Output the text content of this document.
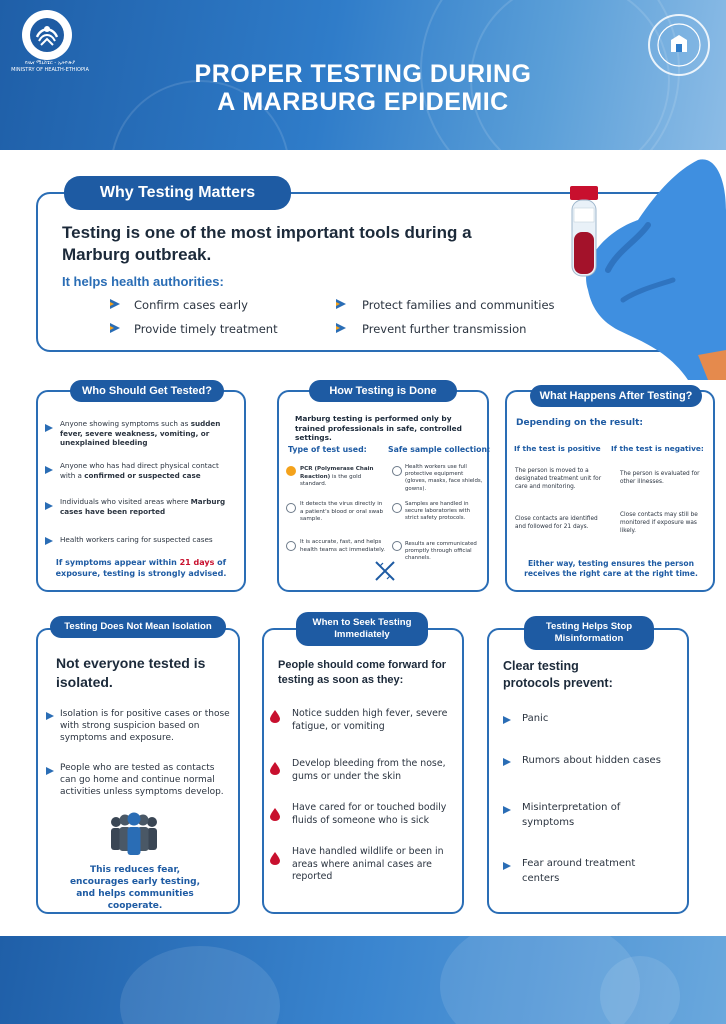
የጤና ሚኒስቴር - ኢትዮጵያ
MINISTRY OF HEALTH-ETHIOPIA	PROPER TESTING DURING
A MARBURG EPIDEMIC
Why Testing Matters
Testing is one of the most important tools during a Marburg outbreak.
It helps health authorities:
Confirm cases early
Provide timely treatment
Protect families and communities
Prevent further transmission
Who Should Get Tested?
Anyone showing symptoms such as sudden fever, severe weakness, vomiting, or unexplained bleeding
Anyone who has had direct physical contact with a confirmed or suspected case
Individuals who visited areas where Marburg cases have been reported
Health workers caring for suspected cases
If symptoms appear within 21 days of exposure, testing is strongly advised.
How Testing is Done
Marburg testing is performed only by trained professionals in safe, controlled settings.
Type of test used:	Safe sample collection:
PCR (Polymerase Chain Reaction) is the gold standard.
It detects the virus directly in a patient's blood or oral swab sample.
It is accurate, fast, and helps health teams act immediately.
Health workers use full protective equipment (gloves, masks, face shields, gowns).
Samples are handled in secure laboratories with strict safety protocols.
Results are communicated promptly through official channels.
What Happens After Testing?
Depending on the result:
If the test is positive If the test is negative:
The person is moved to a designated treatment unit for care and monitoring.
The person is evaluated for other illnesses.
Close contacts are identified and followed for 21 days.
Close contacts may still be monitored if exposure was likely.
Either way, testing ensures the person receives the right care at the right time.
Testing Does Not Mean Isolation
Not everyone tested is isolated.
Isolation is for positive cases or those with strong suspicion based on symptoms and exposure.
People who are tested as contacts can go home and continue normal activities unless symptoms develop.
This reduces fear, encourages early testing, and helps communities cooperate.
When to Seek Testing Immediately
People should come forward for testing as soon as they:
Notice sudden high fever, severe fatigue, or vomiting
Develop bleeding from the nose, gums or under the skin
Have cared for or touched bodily fluids of someone who is sick
Have handled wildlife or been in areas where animal cases are reported
Testing Helps Stop Misinformation
Clear testing protocols prevent:
Panic
Rumors about hidden cases
Misinterpretation of symptoms
Fear around treatment centers
